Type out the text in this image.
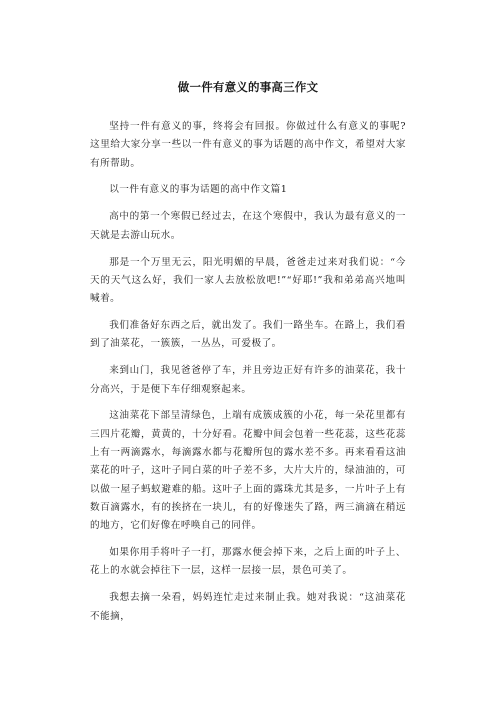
做一件有意义的事高三作文

坚持一件有意义的事，终将会有回报。你做过什么有意义的事呢?这里给大家分享一些以一件有意义的事为话题的高中作文，希望对大家有所帮助。

以一件有意义的事为话题的高中作文篇1

高中的第一个寒假已经过去，在这个寒假中，我认为最有意义的一天就是去游山玩水。

那是一个万里无云，阳光明媚的早晨，爸爸走过来对我们说：“今天的天气这么好，我们一家人去放松放吧!”“好耶!”我和弟弟高兴地叫喊着。

我们准备好东西之后，就出发了。我们一路坐车。在路上，我们看到了油菜花，一簇簇，一丛丛，可爱极了。

来到山门，我见爸爸停了车，并且旁边正好有许多的油菜花，我十分高兴，于是便下车仔细观察起来。

这油菜花下部呈清绿色，上端有成簇成簇的小花，每一朵花里都有三四片花瓣，黄黄的，十分好看。花瓣中间会包着一些花蕊，这些花蕊上有一两滴露水，每滴露水都与花瓣所包的露水差不多。再来看看这油菜花的叶子，这叶子同白菜的叶子差不多，大片大片的，绿油油的，可以做一屋子蚂蚁避难的船。这叶子上面的露珠尤其是多，一片叶子上有数百滴露水，有的挨挤在一块儿，有的好像迷失了路，两三滴滴在稍远的地方，它们好像在呼唤自己的同伴。

如果你用手将叶子一打，那露水便会掉下来，之后上面的叶子上、花上的水就会掉往下一层，这样一层接一层，景色可美了。

我想去摘一朵看，妈妈连忙走过来制止我。她对我说：“这油菜花不能摘，
